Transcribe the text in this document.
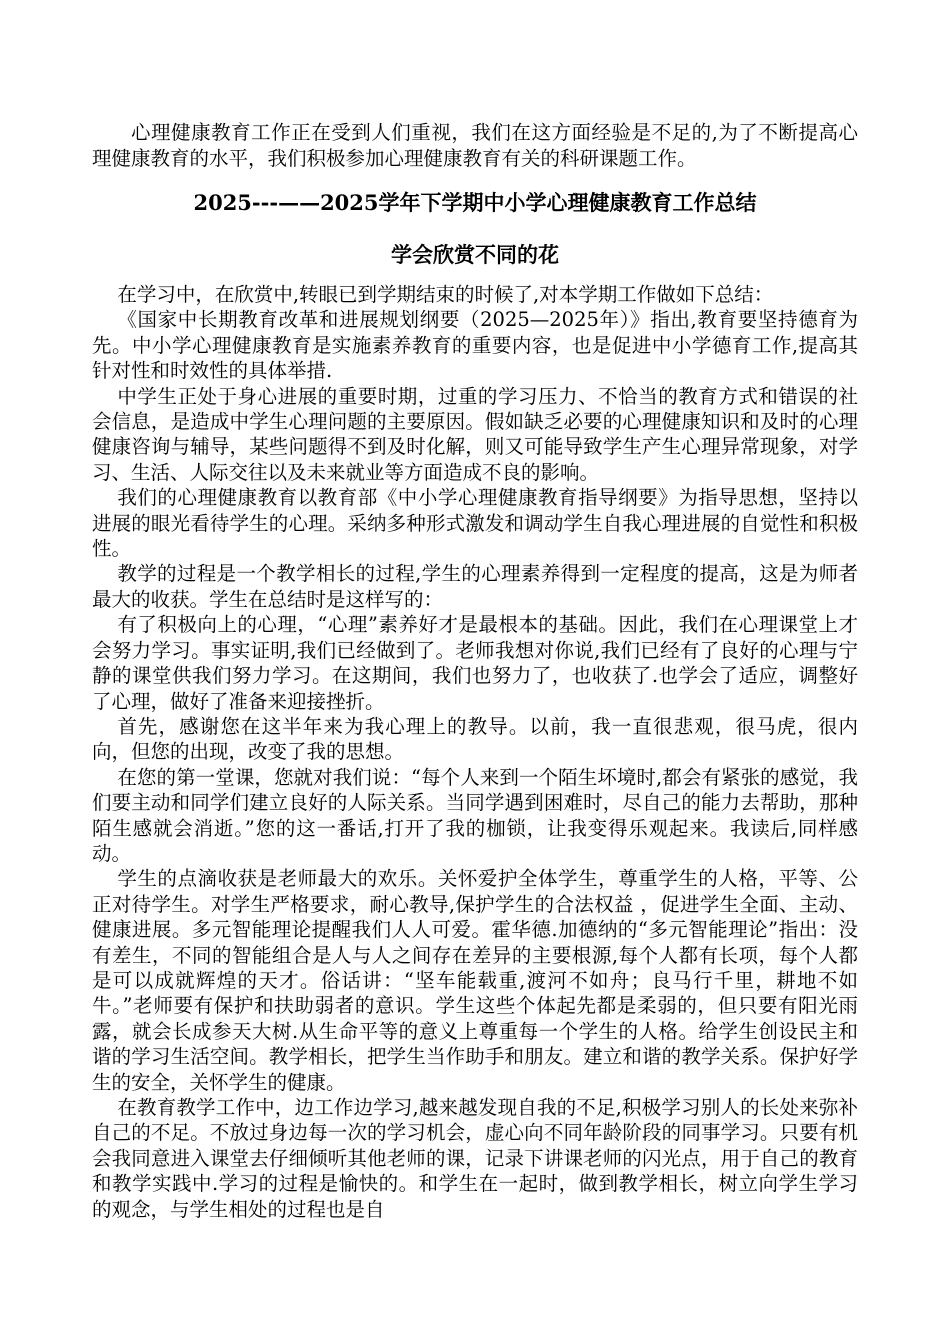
心理健康教育工作正在受到人们重视，我们在这方面经验是不足的,为了不断提高心理健康教育的水平，我们积极参加心理健康教育有关的科研课题工作。

2025---——2025学年下学期中小学心理健康教育工作总结
学会欣赏不同的花

在学习中，在欣赏中,转眼已到学期结束的时候了,对本学期工作做如下总结：

《国家中长期教育改革和进展规划纲要（2025—2025年）》指出,教育要坚持德育为先。中小学心理健康教育是实施素养教育的重要内容，也是促进中小学德育工作,提高其针对性和时效性的具体举措.

中学生正处于身心进展的重要时期，过重的学习压力、不恰当的教育方式和错误的社会信息，是造成中学生心理问题的主要原因。假如缺乏必要的心理健康知识和及时的心理健康咨询与辅导，某些问题得不到及时化解，则又可能导致学生产生心理异常现象，对学习、生活、人际交往以及未来就业等方面造成不良的影响。

我们的心理健康教育以教育部《中小学心理健康教育指导纲要》为指导思想，坚持以进展的眼光看待学生的心理。采纳多种形式激发和调动学生自我心理进展的自觉性和积极性。

教学的过程是一个教学相长的过程,学生的心理素养得到一定程度的提高，这是为师者最大的收获。学生在总结时是这样写的：

有了积极向上的心理，“心理”素养好才是最根本的基础。因此，我们在心理课堂上才会努力学习。事实证明,我们已经做到了。老师我想对你说,我们已经有了良好的心理与宁静的课堂供我们努力学习。在这期间，我们也努力了，也收获了.也学会了适应，调整好了心理，做好了准备来迎接挫折。

首先，感谢您在这半年来为我心理上的教导。以前，我一直很悲观，很马虎，很内向，但您的出现，改变了我的思想。

在您的第一堂课，您就对我们说：“每个人来到一个陌生坏境时,都会有紧张的感觉，我们要主动和同学们建立良好的人际关系。当同学遇到困难时，尽自己的能力去帮助，那种陌生感就会消逝。”您的这一番话,打开了我的枷锁，让我变得乐观起来。我读后,同样感动。

学生的点滴收获是老师最大的欢乐。关怀爱护全体学生，尊重学生的人格，平等、公正对待学生。对学生严格要求，耐心教导,保护学生的合法权益 ，促进学生全面、主动、健康进展。多元智能理论提醒我们人人可爱。霍华德.加德纳的“多元智能理论”指出：没有差生，不同的智能组合是人与人之间存在差异的主要根源,每个人都有长项，每个人都是可以成就辉煌的天才。俗话讲：“坚车能载重,渡河不如舟；良马行千里，耕地不如牛。”老师要有保护和扶助弱者的意识。学生这些个体起先都是柔弱的，但只要有阳光雨露，就会长成参天大树.从生命平等的意义上尊重每一个学生的人格。给学生创设民主和谐的学习生活空间。教学相长，把学生当作助手和朋友。建立和谐的教学关系。保护好学生的安全，关怀学生的健康。

在教育教学工作中，边工作边学习,越来越发现自我的不足,积极学习别人的长处来弥补自己的不足。不放过身边每一次的学习机会，虚心向不同年龄阶段的同事学习。只要有机会我同意进入课堂去仔细倾听其他老师的课，记录下讲课老师的闪光点，用于自己的教育和教学实践中.学习的过程是愉快的。和学生在一起时，做到教学相长，树立向学生学习的观念，与学生相处的过程也是自
